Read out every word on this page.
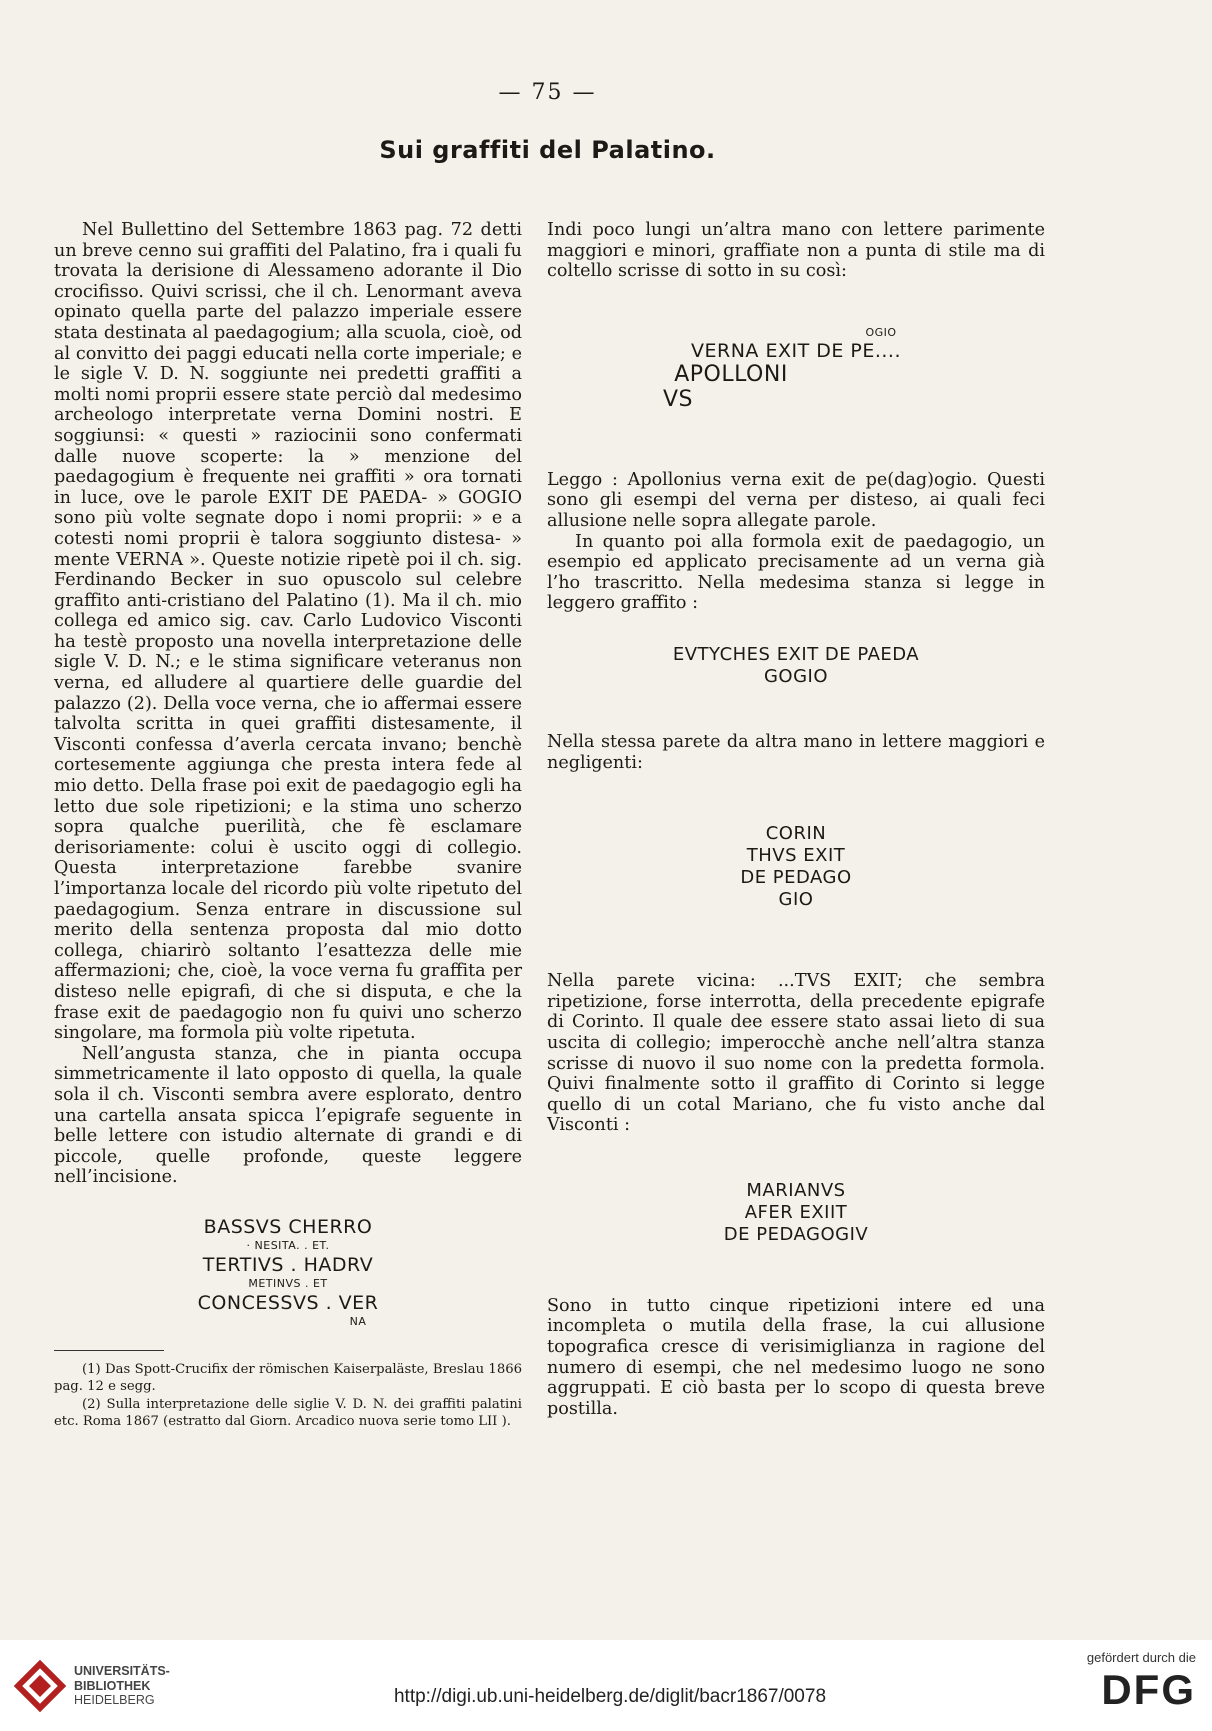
— 75 —
Sui graffiti del Palatino.

Nel Bullettino del Settembre 1863 pag. 72 detti un breve cenno sui graffiti del Palatino, fra i quali fu trovata la derisione di Alessameno adorante il Dio crocifisso. Quivi scrissi, che il ch. Lenormant aveva opinato quella parte del palazzo imperiale essere stata destinata al paedagogium; alla scuola, cioè, od al convitto dei paggi educati nella corte imperiale; e le sigle V. D. N. soggiunte nei predetti graffiti a molti nomi proprii essere state perciò dal medesimo archeologo interpretate verna Domini nostri. E soggiunsi: « questi » raziocinii sono confermati dalle nuove scoperte: la » menzione del paedagogium è frequente nei graffiti » ora tornati in luce, ove le parole EXIT DE PAEDA- » GOGIO sono più volte segnate dopo i nomi proprii: » e a cotesti nomi proprii è talora soggiunto distesa- » mente VERNA ». Queste notizie ripetè poi il ch. sig. Ferdinando Becker in suo opuscolo sul celebre graffito anti-cristiano del Palatino (1). Ma il ch. mio collega ed amico sig. cav. Carlo Ludovico Visconti ha testè proposto una novella interpretazione delle sigle V. D. N.; e le stima significare veteranus non verna, ed alludere al quartiere delle guardie del palazzo (2). Della voce verna, che io affermai essere talvolta scritta in quei graffiti distesamente, il Visconti confessa d’averla cercata invano; benchè cortesemente aggiunga che presta intera fede al mio detto. Della frase poi exit de paedagogio egli ha letto due sole ripetizioni; e la stima uno scherzo sopra qualche puerilità, che fè esclamare derisoriamente: colui è uscito oggi di collegio. Questa interpretazione farebbe svanire l’importanza locale del ricordo più volte ripetuto del paedagogium. Senza entrare in discussione sul merito della sentenza proposta dal mio dotto collega, chiarirò soltanto l’esattezza delle mie affermazioni; che, cioè, la voce verna fu graffita per disteso nelle epigrafi, di che si disputa, e che la frase exit de paedagogio non fu quivi uno scherzo singolare, ma formola più volte ripetuta.

Nell’angusta stanza, che in pianta occupa simmetricamente il lato opposto di quella, la quale sola il ch. Visconti sembra avere esplorato, dentro una cartella ansata spicca l’epigrafe seguente in belle lettere con istudio alternate di grandi e di piccole, quelle profonde, queste leggere nell’incisione.

BASSVS CHERRO
· NESITA. . ET.
TERTIVS . HADRV
METINVS . ET
CONCESSVS . VER
NA

(1) Das Spott-Crucifix der römischen Kaiserpaläste, Breslau 1866 pag. 12 e segg.

(2) Sulla interpretazione delle siglie V. D. N. dei graffiti palatini etc. Roma 1867 (estratto dal Giorn. Arcadico nuova serie tomo LII ).

Indi poco lungi un’altra mano con lettere parimente maggiori e minori, graffiate non a punta di stile ma di coltello scrisse di sotto in su così:

OGIO
VERNA EXIT DE PE....
APOLLONI
VS

Leggo : Apollonius verna exit de pe(dag)ogio. Questi sono gli esempi del verna per disteso, ai quali feci allusione nelle sopra allegate parole.

In quanto poi alla formola exit de paedagogio, un esempio ed applicato precisamente ad un verna già l’ho trascritto. Nella medesima stanza si legge in leggero graffito :

EVTYCHES EXIT DE PAEDA
GOGIO

Nella stessa parete da altra mano in lettere maggiori e negligenti:

CORIN
THVS EXIT
DE PEDAGO
GIO

Nella parete vicina: ...TVS EXIT; che sembra ripetizione, forse interrotta, della precedente epigrafe di Corinto. Il quale dee essere stato assai lieto di sua uscita di collegio; imperocchè anche nell’altra stanza scrisse di nuovo il suo nome con la predetta formola. Quivi finalmente sotto il graffito di Corinto si legge quello di un cotal Mariano, che fu visto anche dal Visconti :

MARIANVS
AFER EXIIT
DE PEDAGOGIV

Sono in tutto cinque ripetizioni intere ed una incompleta o mutila della frase, la cui allusione topografica cresce di verisimiglianza in ragione del numero di esempi, che nel medesimo luogo ne sono aggruppati. E ciò basta per lo scopo di questa breve postilla.

UNIVERSITÄTS-
BIBLIOTHEK
HEIDELBERG	http://digi.ub.uni-heidelberg.de/diglit/bacr1867/0078
gefördert durch die
DFG
